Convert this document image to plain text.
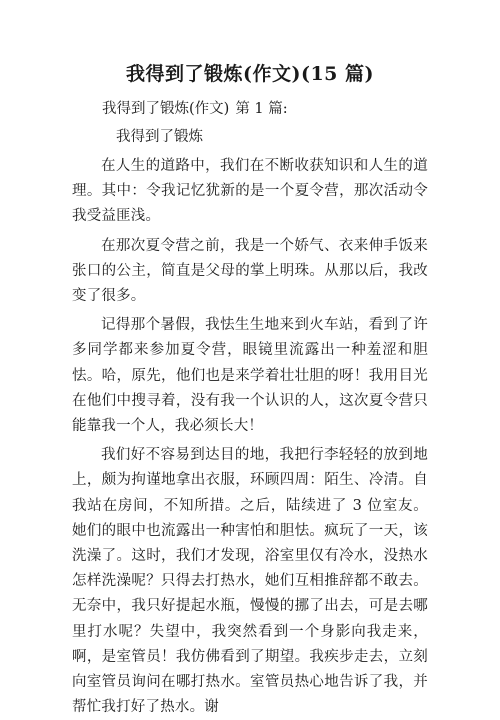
我得到了锻炼(作文)(15 篇)
我得到了锻炼(作文) 第 1 篇:
我得到了锻炼

在人生的道路中，我们在不断收获知识和人生的道理。其中：令我记忆犹新的是一个夏令营，那次活动令我受益匪浅。

在那次夏令营之前，我是一个娇气、衣来伸手饭来张口的公主，简直是父母的掌上明珠。从那以后，我改变了很多。

记得那个暑假，我怯生生地来到火车站，看到了许多同学都来参加夏令营，眼镜里流露出一种羞涩和胆怯。哈，原先，他们也是来学着壮壮胆的呀！我用目光在他们中搜寻着，没有我一个认识的人，这次夏令营只能靠我一个人，我必须长大！

我们好不容易到达目的地，我把行李轻轻的放到地上，颇为拘谨地拿出衣服，环顾四周：陌生、冷清。自我站在房间，不知所措。之后，陆续进了 3 位室友。她们的眼中也流露出一种害怕和胆怯。疯玩了一天，该洗澡了。这时，我们才发现，浴室里仅有冷水，没热水怎样洗澡呢？只得去打热水，她们互相推辞都不敢去。无奈中，我只好提起水瓶，慢慢的挪了出去，可是去哪里打水呢？失望中，我突然看到一个身影向我走来，啊，是室管员！我仿佛看到了期望。我疾步走去，立刻向室管员询问在哪打热水。室管员热心地告诉了我，并帮忙我打好了热水。谢
